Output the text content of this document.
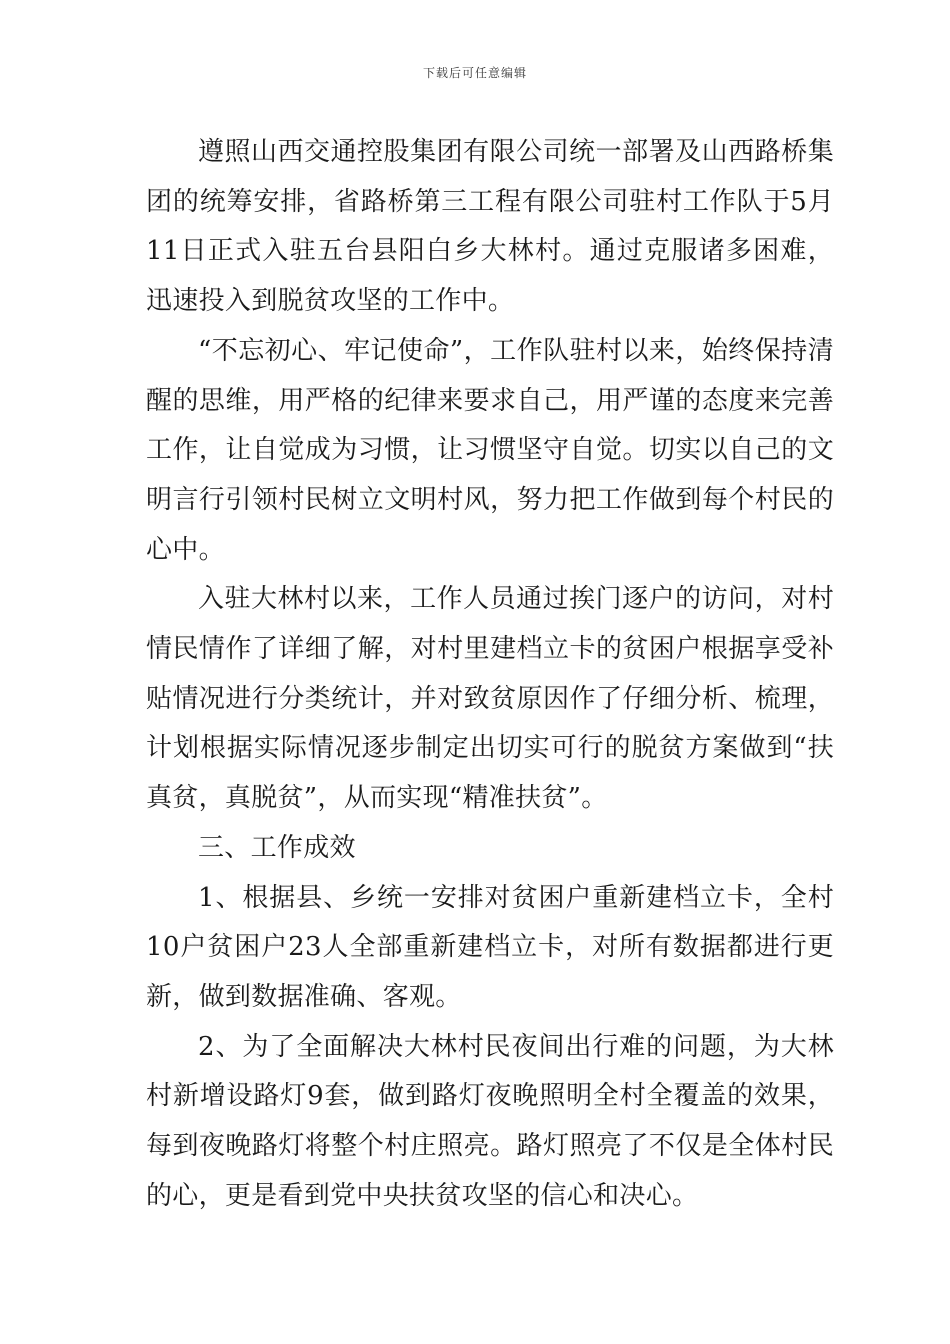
下载后可任意编辑

遵照山西交通控股集团有限公司统一部署及山西路桥集团的统筹安排，省路桥第三工程有限公司驻村工作队于5月11日正式入驻五台县阳白乡大林村。通过克服诸多困难，迅速投入到脱贫攻坚的工作中。

“不忘初心、牢记使命”，工作队驻村以来，始终保持清醒的思维，用严格的纪律来要求自己，用严谨的态度来完善工作，让自觉成为习惯，让习惯坚守自觉。切实以自己的文明言行引领村民树立文明村风，努力把工作做到每个村民的心中。

入驻大林村以来，工作人员通过挨门逐户的访问，对村情民情作了详细了解，对村里建档立卡的贫困户根据享受补贴情况进行分类统计，并对致贫原因作了仔细分析、梳理，计划根据实际情况逐步制定出切实可行的脱贫方案做到“扶真贫，真脱贫”，从而实现“精准扶贫”。

三、工作成效

1、根据县、乡统一安排对贫困户重新建档立卡，全村10户贫困户23人全部重新建档立卡，对所有数据都进行更新，做到数据准确、客观。

2、为了全面解决大林村民夜间出行难的问题，为大林村新增设路灯9套，做到路灯夜晚照明全村全覆盖的效果，每到夜晚路灯将整个村庄照亮。路灯照亮了不仅是全体村民的心，更是看到党中央扶贫攻坚的信心和决心。
